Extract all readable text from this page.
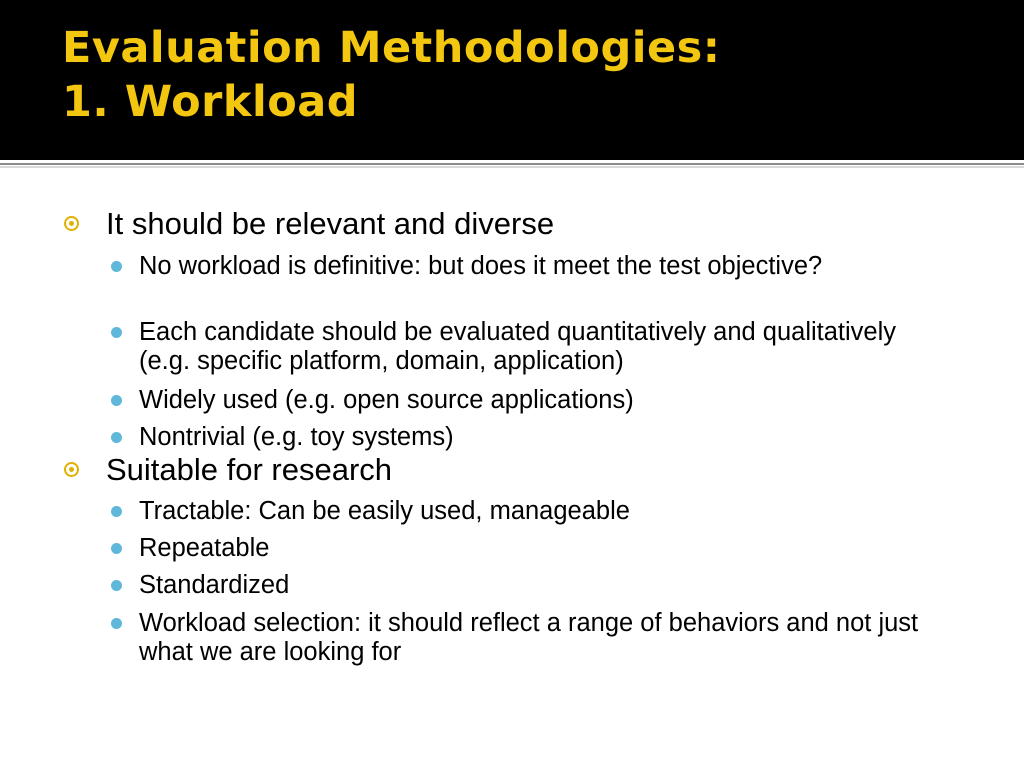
Evaluation Methodologies:
1. Workload
It should be relevant and diverse
No workload is definitive: but does it meet the test objective?
Each candidate should be evaluated quantitatively and qualitatively (e.g. specific platform, domain, application)
Widely used (e.g. open source applications)
Nontrivial (e.g. toy systems)
Suitable for research
Tractable: Can be easily used, manageable
Repeatable
Standardized
Workload selection: it should reflect a range of behaviors and not just what we are looking for
